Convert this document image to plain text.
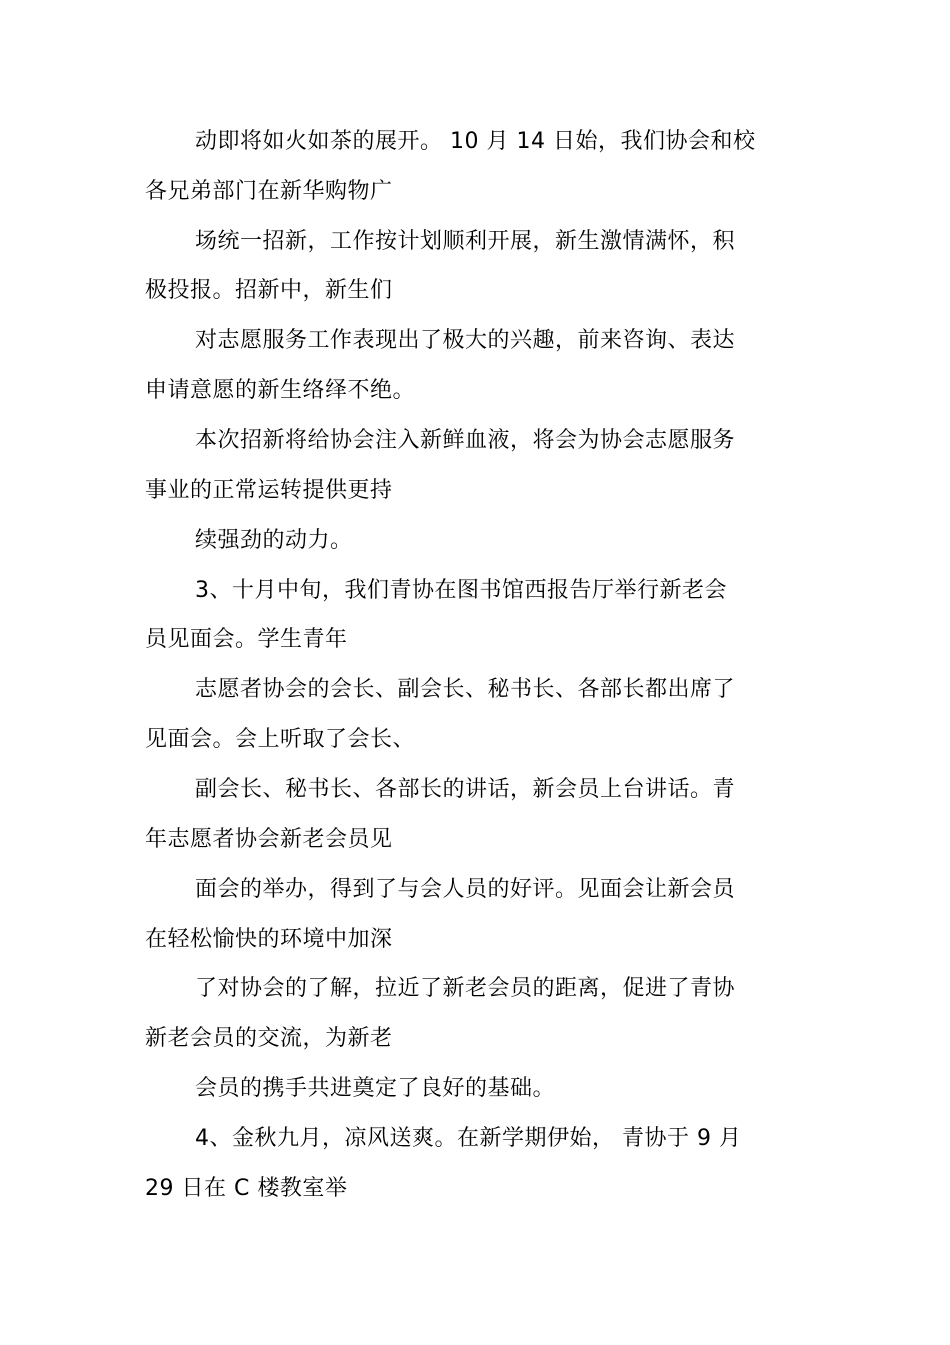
动即将如火如茶的展开。 10 月 14 日始，我们协会和校
各兄弟部门在新华购物广
场统一招新，工作按计划顺利开展，新生激情满怀，积
极投报。招新中，新生们
对志愿服务工作表现出了极大的兴趣，前来咨询、表达
申请意愿的新生络绎不绝。
本次招新将给协会注入新鲜血液，将会为协会志愿服务
事业的正常运转提供更持
续强劲的动力。
3、十月中旬，我们青协在图书馆西报告厅举行新老会
员见面会。学生青年
志愿者协会的会长、副会长、秘书长、各部长都出席了
见面会。会上听取了会长、
副会长、秘书长、各部长的讲话，新会员上台讲话。青
年志愿者协会新老会员见
面会的举办，得到了与会人员的好评。见面会让新会员
在轻松愉快的环境中加深
了对协会的了解，拉近了新老会员的距离，促进了青协
新老会员的交流，为新老
会员的携手共进奠定了良好的基础。
4、金秋九月，凉风送爽。在新学期伊始， 青协于 9 月
29 日在 C 楼教室举
